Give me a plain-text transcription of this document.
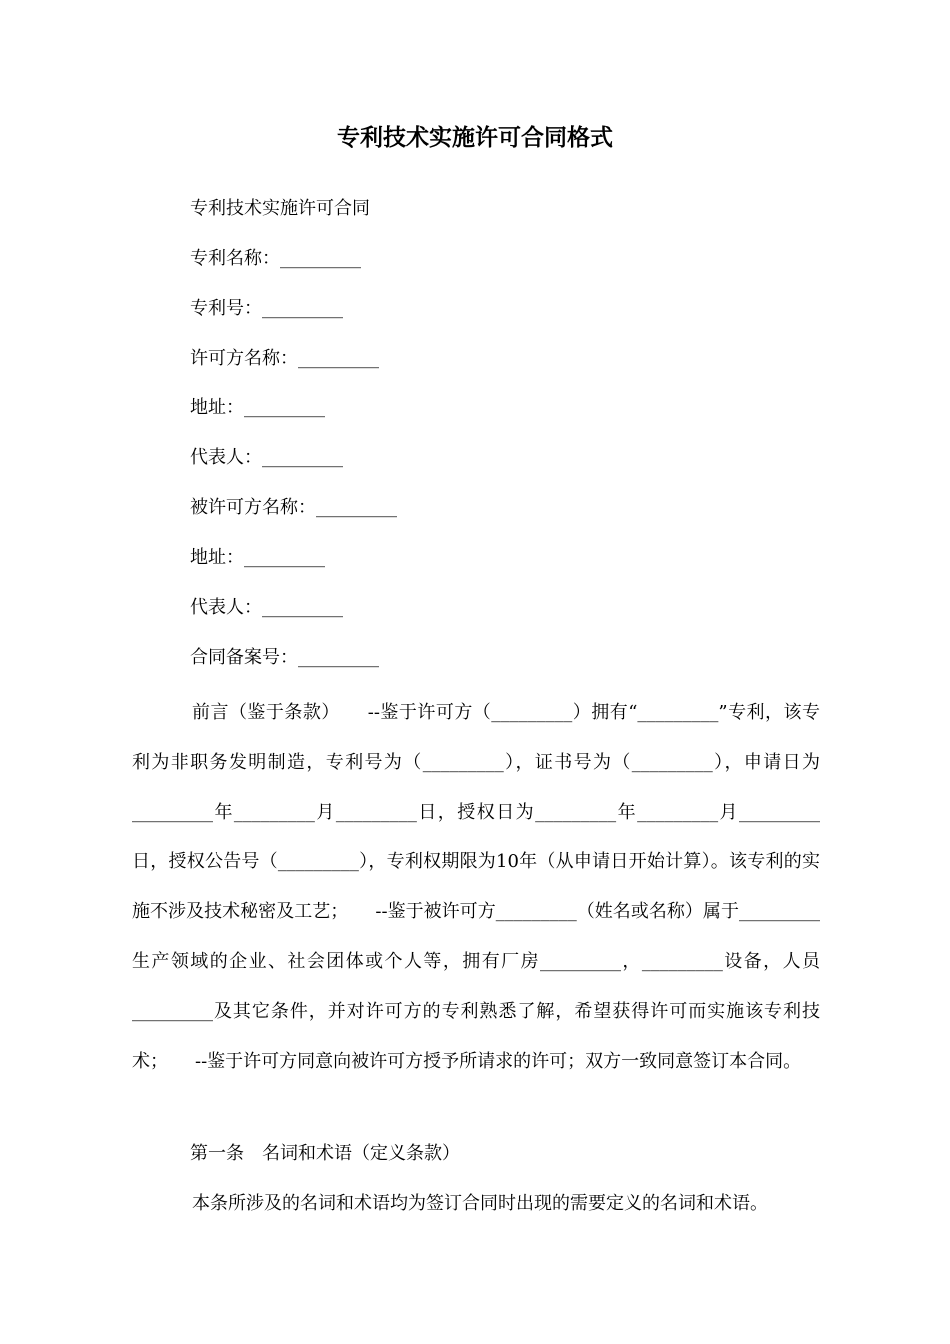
专利技术实施许可合同格式
专利技术实施许可合同
专利名称：_________
专利号：_________
许可方名称：_________
地址：_________
代表人：_________
被许可方名称：_________
地址：_________
代表人：_________
合同备案号：_________

前言（鉴于条款）　　--鉴于许可方（_________）拥有“_________”专利，该专利为非职务发明制造，专利号为（_________），证书号为（_________），申请日为_________年_________月_________日，授权日为_________年_________月_________日，授权公告号（_________），专利权期限为10年（从申请日开始计算）。该专利的实施不涉及技术秘密及工艺；　　--鉴于被许可方_________（姓名或名称）属于_________生产领域的企业、社会团体或个人等，拥有厂房_________，_________设备，人员_________及其它条件，并对许可方的专利熟悉了解，希望获得许可而实施该专利技术；　　--鉴于许可方同意向被许可方授予所请求的许可；双方一致同意签订本合同。

第一条　名词和术语（定义条款）
本条所涉及的名词和术语均为签订合同时出现的需要定义的名词和术语。
